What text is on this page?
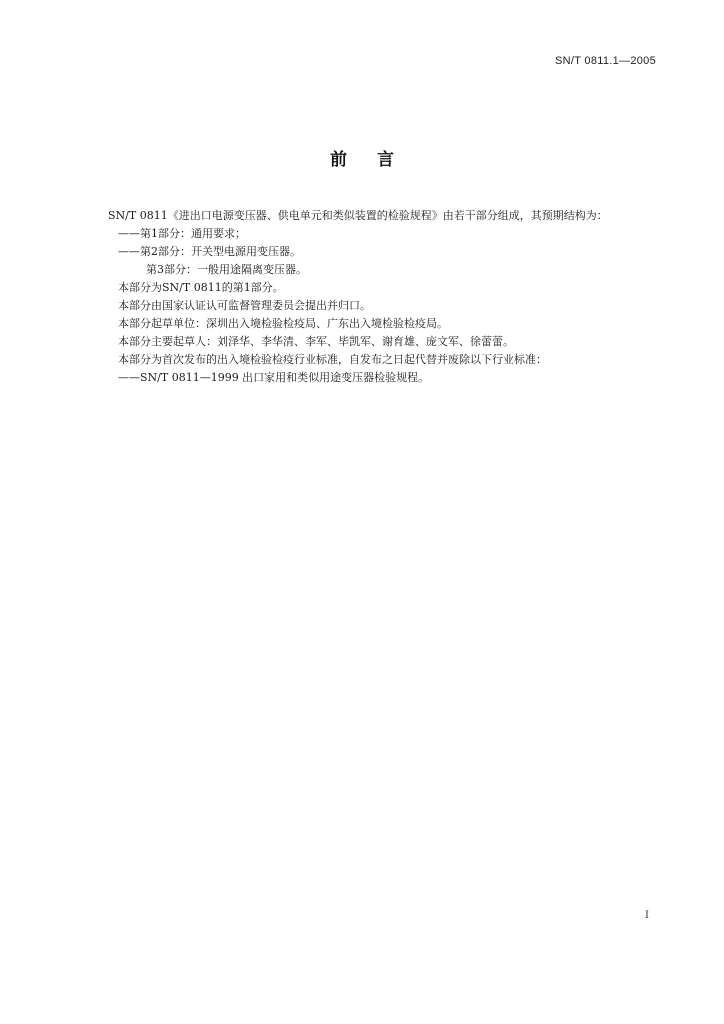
SN/T 0811.1—2005
前言

SN/T 0811《进出口电源变压器、供电单元和类似装置的检验规程》由若干部分组成，其预期结构为：

——第1部分：通用要求；

——第2部分：开关型电源用变压器。

第3部分：一般用途隔离变压器。

本部分为SN/T 0811的第1部分。

本部分由国家认证认可监督管理委员会提出并归口。

本部分起草单位：深圳出入境检验检疫局、广东出入境检验检疫局。

本部分主要起草人：刘泽华、李华清、李军、毕凯军、谢育雄、庞文军、徐蕾蕾。

本部分为首次发布的出入境检验检疫行业标准，自发布之日起代替并废除以下行业标准：

——SN/T 0811—1999 出口家用和类似用途变压器检验规程。

I
